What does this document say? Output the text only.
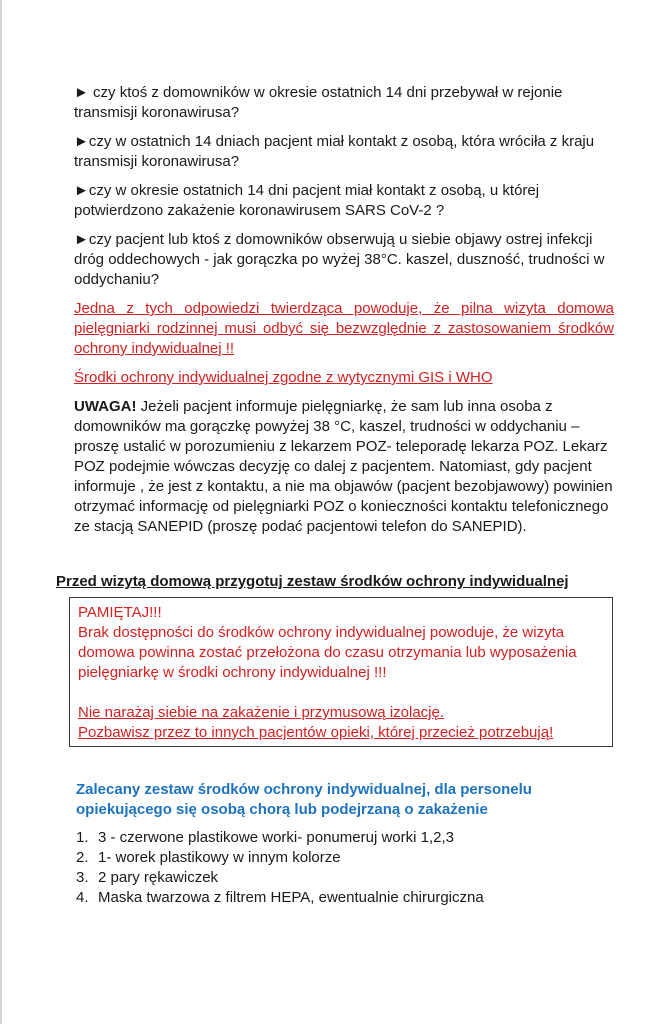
► czy ktoś z domowników w okresie ostatnich 14 dni przebywał w rejonie transmisji koronawirusa?

►czy w ostatnich 14 dniach pacjent miał kontakt z osobą, która wróciła z kraju transmisji koronawirusa?

►czy w okresie ostatnich 14 dni pacjent miał kontakt z osobą, u której potwierdzono zakażenie koronawirusem SARS CoV-2 ?

►czy pacjent lub ktoś z domowników obserwują u siebie objawy ostrej infekcji dróg oddechowych - jak gorączka po wyżej 38°C. kaszel, duszność, trudności w oddychaniu?

Jedna z tych odpowiedzi twierdząca powoduje, że pilna wizyta domowa pielęgniarki rodzinnej musi odbyć się bezwzględnie z zastosowaniem środków ochrony indywidualnej !!

Środki ochrony indywidualnej zgodne z wytycznymi GIS i WHO

UWAGA! Jeżeli pacjent informuje pielęgniarkę, że sam lub inna osoba z domowników ma gorączkę powyżej 38 °C, kaszel, trudności w oddychaniu – proszę ustalić w porozumieniu z lekarzem POZ- teleporadę lekarza POZ. Lekarz POZ podejmie wówczas decyzję co dalej z pacjentem. Natomiast, gdy pacjent informuje , że jest z kontaktu, a nie ma objawów (pacjent bezobjawowy) powinien otrzymać informację od pielęgniarki POZ o konieczności kontaktu telefonicznego ze stacją SANEPID (proszę podać pacjentowi telefon do SANEPID).

Przed wizytą domową przygotuj zestaw środków ochrony indywidualnej

PAMIĘTAJ!!!

Brak dostępności do środków ochrony indywidualnej powoduje, że wizyta domowa powinna zostać przełożona do czasu otrzymania lub wyposażenia pielęgniarkę w środki ochrony indywidualnej !!!

Nie narażaj siebie na zakażenie i przymusową izolację.

Pozbawisz przez to innych pacjentów opieki, której przecież potrzebują!

Zalecany zestaw środków ochrony indywidualnej, dla personelu opiekującego się osobą chorą lub podejrzaną o zakażenie
1. 3 - czerwone plastikowe worki- ponumeruj worki 1,2,3
2. 1- worek plastikowy w innym kolorze
3. 2 pary rękawiczek
4. Maska twarzowa z filtrem HEPA, ewentualnie chirurgiczna
